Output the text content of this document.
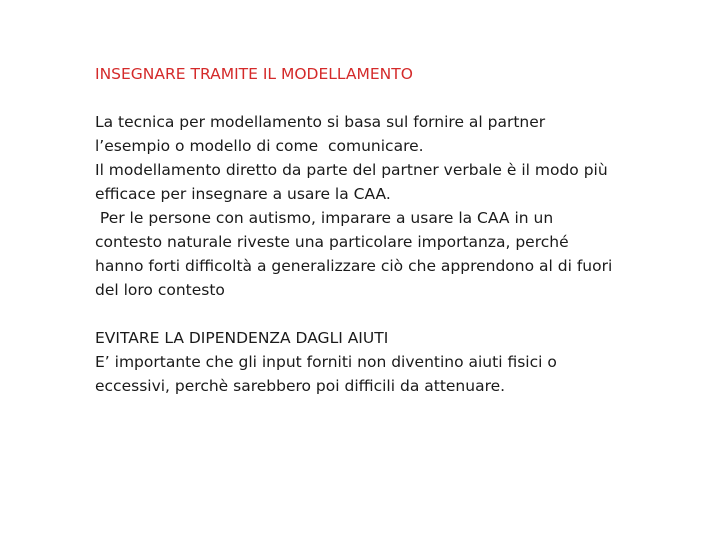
INSEGNARE TRAMITE IL MODELLAMENTO
La tecnica per modellamento si basa sul fornire al partner
l’esempio o modello di come  comunicare.
Il modellamento diretto da parte del partner verbale è il modo più
efficace per insegnare a usare la CAA.
Per le persone con autismo, imparare a usare la CAA in un
contesto naturale riveste una particolare importanza, perché
hanno forti difficoltà a generalizzare ciò che apprendono al di fuori
del loro contesto
EVITARE LA DIPENDENZA DAGLI AIUTI
E’ importante che gli input forniti non diventino aiuti fisici o
eccessivi, perchè sarebbero poi difficili da attenuare.
